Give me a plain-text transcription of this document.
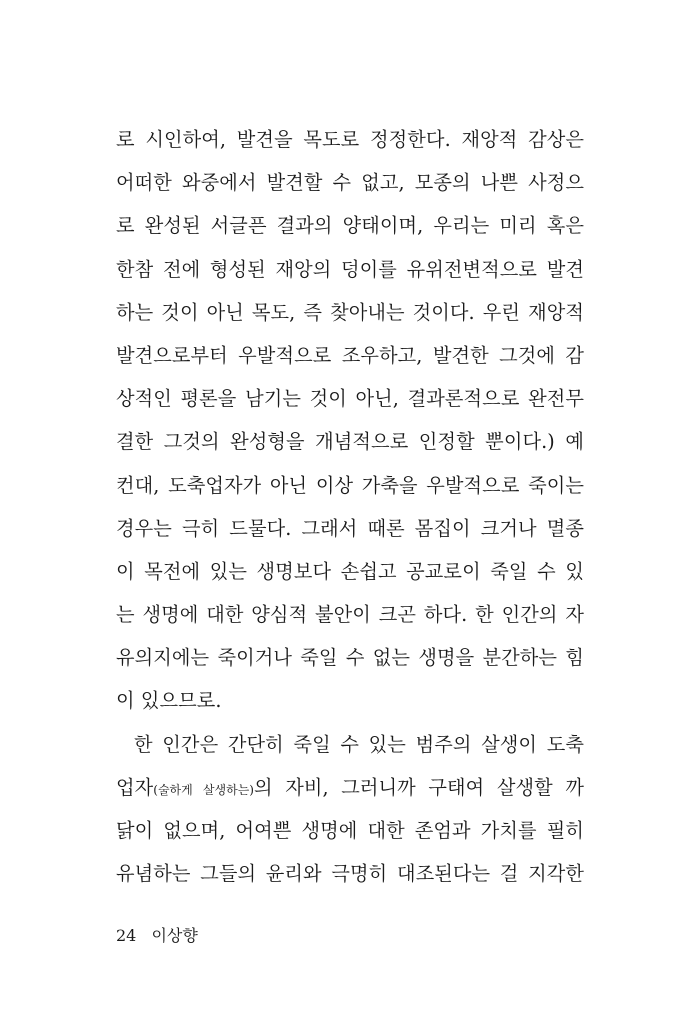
로 시인하여, 발견을 목도로 정정한다. 재앙적 감상은
어떠한 와중에서 발견할 수 없고, 모종의 나쁜 사정으
로 완성된 서글픈 결과의 양태이며, 우리는 미리 혹은
한참 전에 형성된 재앙의 덩이를 유위전변적으로 발견
하는 것이 아닌 목도, 즉 찾아내는 것이다. 우린 재앙적
발견으로부터 우발적으로 조우하고, 발견한 그것에 감
상적인 평론을 남기는 것이 아닌, 결과론적으로 완전무
결한 그것의 완성형을 개념적으로 인정할 뿐이다.) 예
컨대, 도축업자가 아닌 이상 가축을 우발적으로 죽이는
경우는 극히 드물다. 그래서 때론 몸집이 크거나 멸종
이 목전에 있는 생명보다 손쉽고 공교로이 죽일 수 있
는 생명에 대한 양심적 불안이 크곤 하다. 한 인간의 자
유의지에는 죽이거나 죽일 수 없는 생명을 분간하는 힘
이 있으므로.
한 인간은 간단히 죽일 수 있는 범주의 살생이 도축
업자(술하게 살생하는)의 자비, 그러니까 구태여 살생할 까
닭이 없으며, 어여쁜 생명에 대한 존엄과 가치를 필히
유념하는 그들의 윤리와 극명히 대조된다는 걸 지각한
24 이상향
